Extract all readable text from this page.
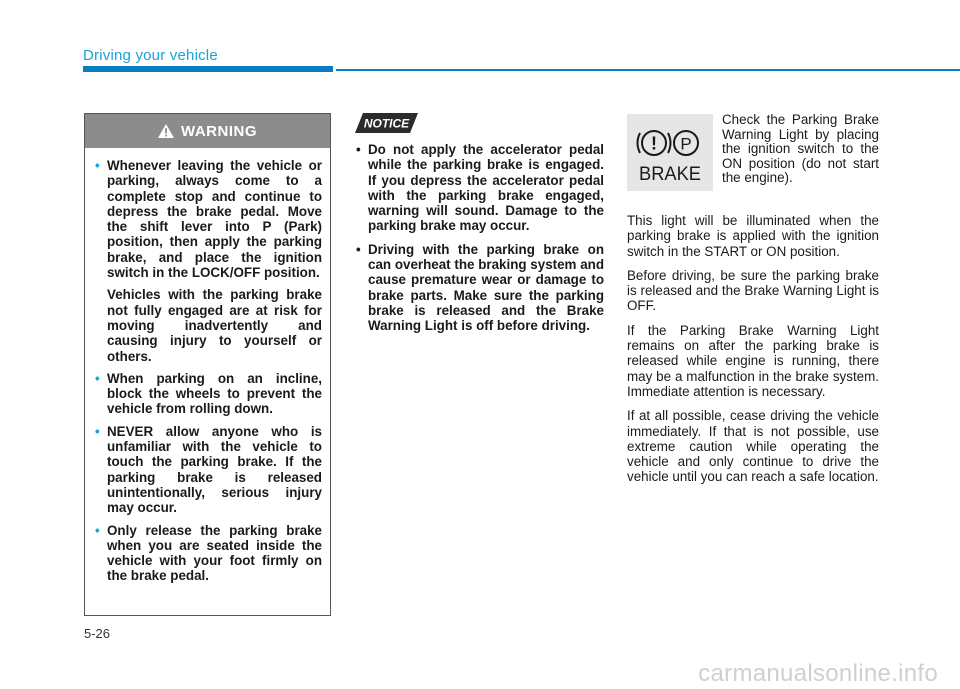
Driving your vehicle
WARNING
• Whenever leaving the vehicle or parking, always come to a complete stop and continue to depress the brake pedal. Move the shift lever into P (Park) position, then apply the parking brake, and place the ignition switch in the LOCK/OFF position.
Vehicles with the parking brake not fully engaged are at risk for moving inadvertently and causing injury to yourself or others.
• When parking on an incline, block the wheels to prevent the vehicle from rolling down.
• NEVER allow anyone who is unfamiliar with the vehicle to touch the parking brake. If the parking brake is released unintentionally, serious injury may occur.
• Only release the parking brake when you are seated inside the vehicle with your foot firmly on the brake pedal.
NOTICE
• Do not apply the accelerator pedal while the parking brake is engaged. If you depress the accelerator pedal with the parking brake engaged, warning will sound. Damage to the parking brake may occur.
• Driving with the parking brake on can overheat the braking system and cause premature wear or damage to brake parts. Make sure the parking brake is released and the Brake Warning Light is off before driving.
! P
BRAKE
Check the Parking Brake Warning Light by placing the ignition switch to the ON position (do not start the engine).

This light will be illuminated when the parking brake is applied with the ignition switch in the START or ON position.

Before driving, be sure the parking brake is released and the Brake Warning Light is OFF.

If the Parking Brake Warning Light remains on after the parking brake is released while engine is running, there may be a malfunction in the brake system. Immediate attention is necessary.

If at all possible, cease driving the vehicle immediately. If that is not possible, use extreme caution while operating the vehicle and only continue to drive the vehicle until you can reach a safe location.

5-26
carmanualsonline.info
